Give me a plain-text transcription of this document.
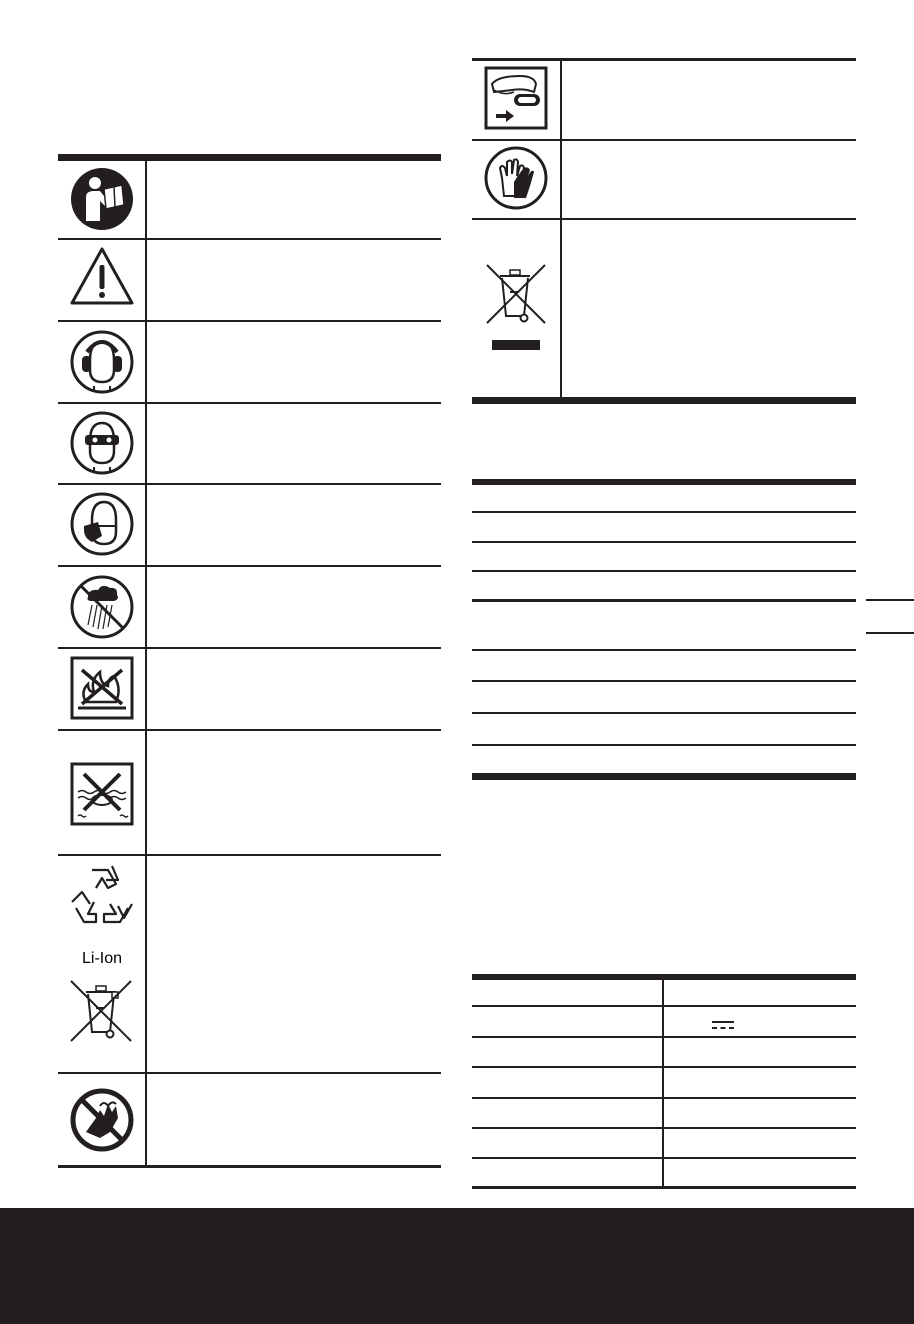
Li-Ion
